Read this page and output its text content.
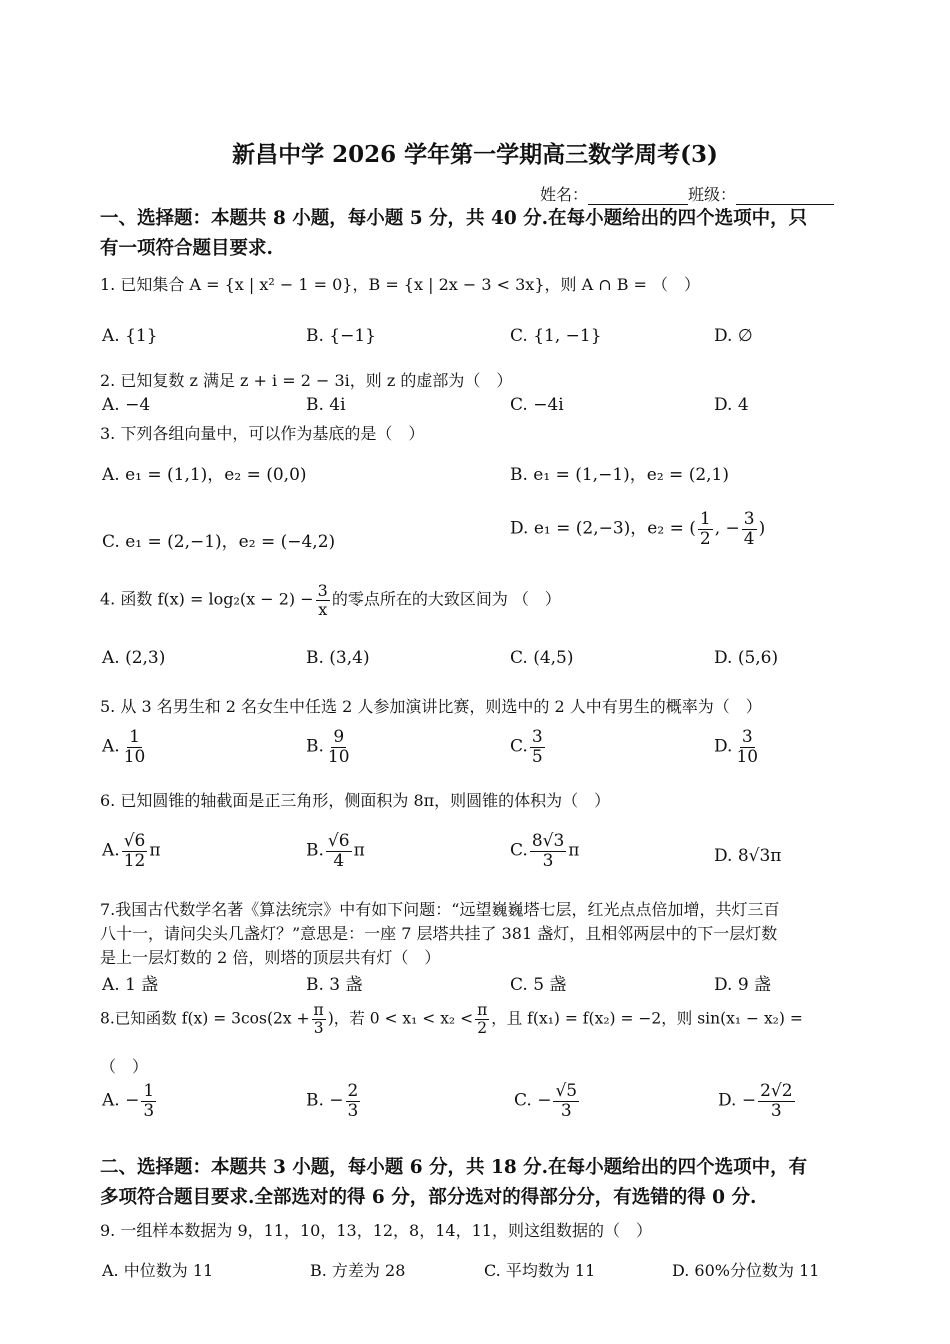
新昌中学 2026 学年第一学期高三数学周考(3)
姓名：	班级：
一、选择题：本题共 8 小题，每小题 5 分，共 40 分.在每小题给出的四个选项中，只
有一项符合题目要求.
1. 已知集合 A = {x | x² − 1 = 0}，B = {x | 2x − 3 < 3x}，则 A ∩ B = （　）
A. {1}	B. {−1}	C. {1, −1}	D. ∅
2. 已知复数 z 满足 z + i = 2 − 3i，则 z 的虚部为（　）
A. −4	B. 4i	C. −4i	D. 4
3. 下列各组向量中，可以作为基底的是（　）
A. e₁ = (1,1)，e₂ = (0,0)	B. e₁ = (1,−1)，e₂ = (2,1)
C. e₁ = (2,−1)，e₂ = (−4,2)
D. e₁ = (2,−3)，e₂ = ( $\frac{1}{2}$ , − $\frac{3}{4}$ )
4. 函数 $f(x) = \log_2(x - 2) - \frac{3}{x}$ 的零点所在的大致区间为 （　）
A. (2,3)	B. (3,4)	C. (4,5)	D. (5,6)
5. 从 3 名男生和 2 名女生中任选 2 人参加演讲比赛，则选中的 2 人中有男生的概率为（　）
A. $\frac{1}{10}$	B. $\frac{9}{10}$	C. $\frac{3}{5}$	D. $\frac{3}{10}$
6. 已知圆锥的轴截面是正三角形，侧面积为 8π，则圆锥的体积为（　）
A. $\frac{√6}{12}$ π	B. $\frac{√6}{4}$ π	C. $\frac{8√3}{3}$ π	D. 8√3π
7.我国古代数学名著《算法统宗》中有如下问题：“远望巍巍塔七层，红光点点倍加增，共灯三百
八十一，请问尖头几盏灯？”意思是：一座 7 层塔共挂了 381 盏灯，且相邻两层中的下一层灯数
是上一层灯数的 2 倍，则塔的顶层共有灯（　）
A. 1 盏	B. 3 盏	C. 5 盏	D. 9 盏
8.已知函数 $f(x) = 3\cos(2x + \frac{\pi}{3}$ )，若 $0 < x_1 < x_2 < \frac{\pi}{2}$ ，且 f(x₁) = f(x₂) = −2，则 sin(x₁ − x₂) =
（　）
A. − $\frac{1}{3}$	B. − $\frac{2}{3}$	C. − $\frac{√5}{3}$	D. − $\frac{2√2}{3}$
二、选择题：本题共 3 小题，每小题 6 分，共 18 分.在每小题给出的四个选项中，有
多项符合题目要求.全部选对的得 6 分，部分选对的得部分分，有选错的得 0 分.
9. 一组样本数据为 9，11，10，13，12，8，14，11，则这组数据的（　）
A. 中位数为 11	B. 方差为 28	C. 平均数为 11	D. 60%分位数为 11
